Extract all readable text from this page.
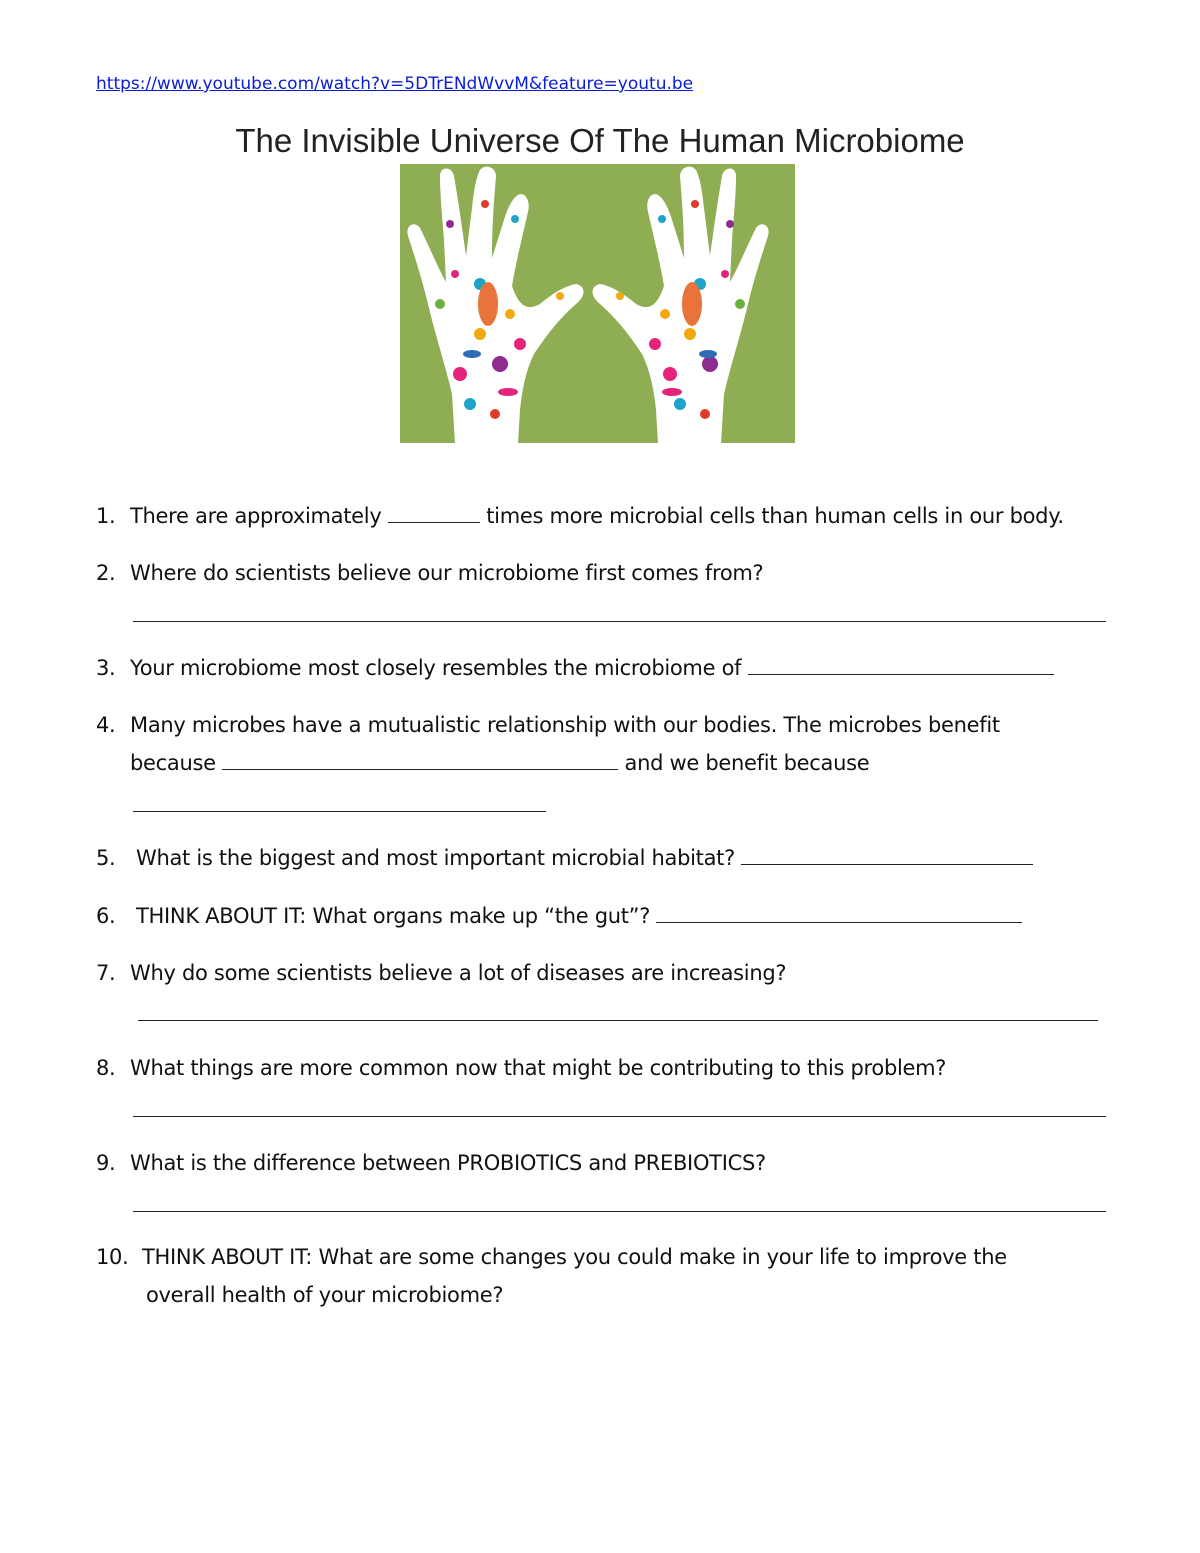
https://www.youtube.com/watch?v=5DTrENdWvvM&feature=youtu.be
The Invisible Universe Of The Human Microbiome
1. There are approximately	times more microbial cells than human cells in our body.
2. Where do scientists believe our microbiome first comes from?
3. Your microbiome most closely resembles the microbiome of
4. Many microbes have a mutualistic relationship with our bodies. The microbes benefit
because	and we benefit because
5. What is the biggest and most important microbial habitat?
6. THINK ABOUT IT: What organs make up “the gut”?
7. Why do some scientists believe a lot of diseases are increasing?
8. What things are more common now that might be contributing to this problem?
9. What is the difference between PROBIOTICS and PREBIOTICS?
10. THINK ABOUT IT: What are some changes you could make in your life to improve the
overall health of your microbiome?
